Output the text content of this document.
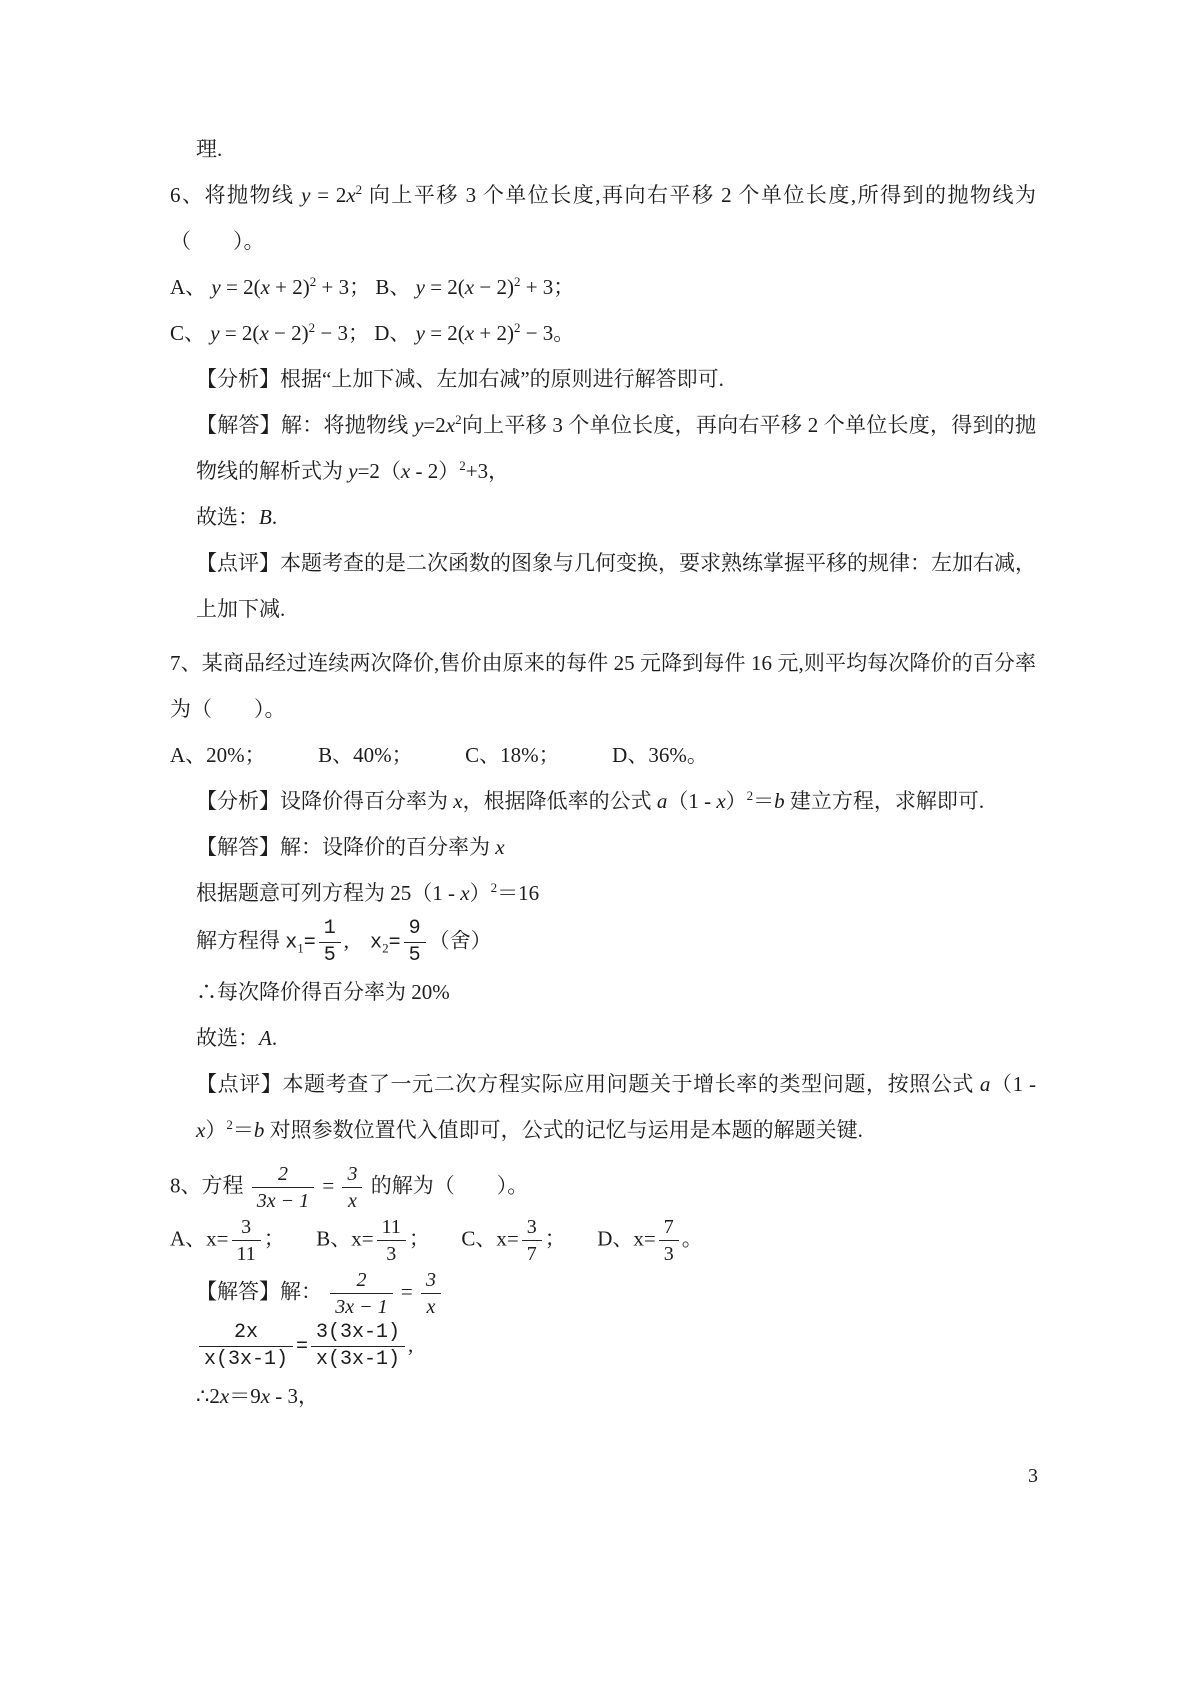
理.
6、将抛物线 $y = 2x^2$ 向上平移 3 个单位长度,再向右平移 2 个单位长度,所得到的抛物线为（　　）。
A、 $y = 2(x + 2)^2 + 3$； B、 $y = 2(x - 2)^2 + 3$；
C、 $y = 2(x - 2)^2 - 3$； D、 $y = 2(x + 2)^2 - 3$。
【分析】根据“上加下减、左加右减”的原则进行解答即可.
【解答】解：将抛物线 $y=2x^2$向上平移 3 个单位长度，再向右平移 2 个单位长度，得到的抛物线的解析式为 y=2（x - 2）$^2$+3，
故选：B.
【点评】本题考查的是二次函数的图象与几何变换，要求熟练掌握平移的规律：左加右减，上加下减.
7、某商品经过连续两次降价,售价由原来的每件 25 元降到每件 16 元,则平均每次降价的百分率为（　　）。
A、20%；　　　B、40%；　　　C、18%；　　　D、36%。
【分析】设降价得百分率为 x，根据降低率的公式 a（1 - x）$^2$＝b 建立方程，求解即可.
【解答】解：设降价的百分率为 x
根据题意可列方程为 25（1 - x）$^2$＝16
解方程得 $x_1= \frac{1}{5}$ ,　$x_2= \frac{9}{5}$ （舍）
∴每次降价得百分率为 20%
故选：A.
【点评】本题考查了一元二次方程实际应用问题关于增长率的类型问题，按照公式 a（1 - x）$^2$＝b 对照参数位置代入值即可，公式的记忆与运用是本题的解题关键.
8、方程 $\frac{2}{3x - 1} = \frac{3}{x}$ 的解为（　　）。
A、$x= \frac{3}{11}$ ；　　B、$x= \frac{11}{3}$ ；　　C、$x= \frac{3}{7}$ ；　　D、$x= \frac{7}{3}$ 。
【解答】解： $\frac{2}{3x - 1} = \frac{3}{x}$
$\frac{2x}{x(3x-1)} = \frac{3(3x-1)}{x(3x-1)}$ ,
∴2x＝9x - 3，
3
